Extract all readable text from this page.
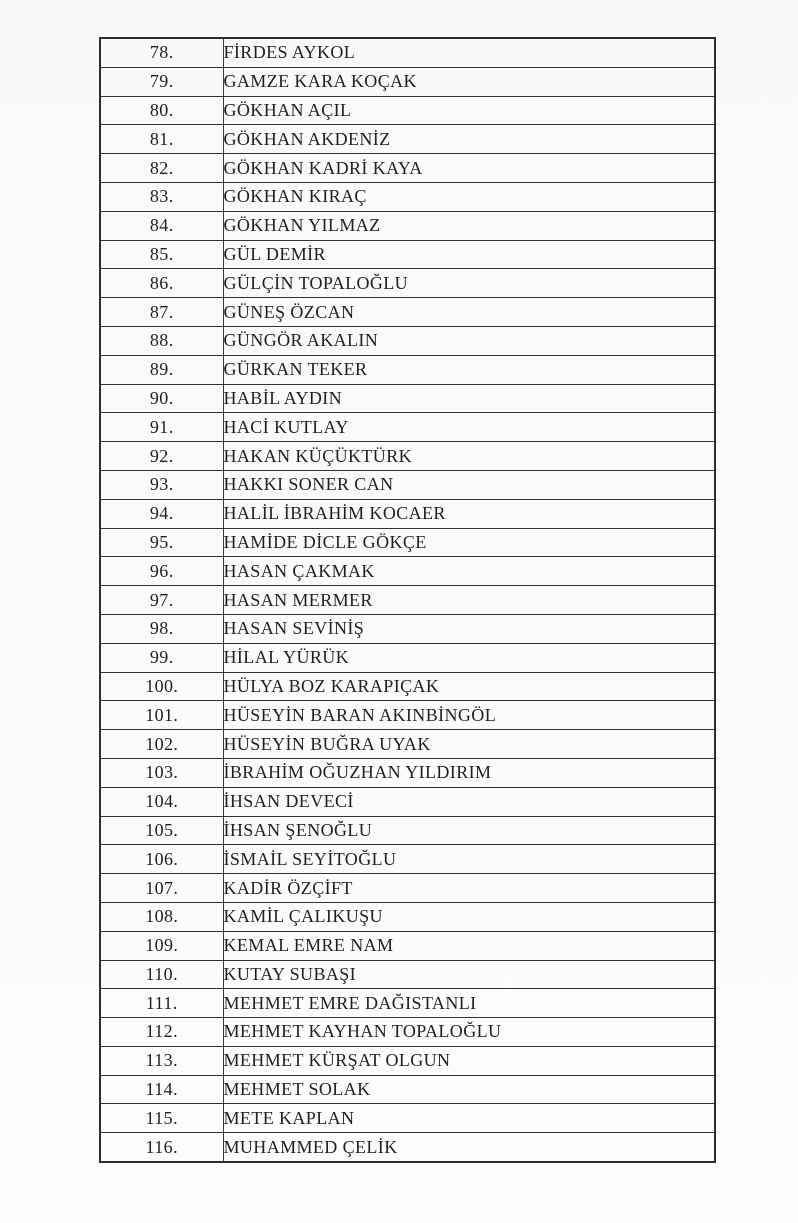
78.	FİRDES AYKOL
79.	GAMZE KARA KOÇAK
80.	GÖKHAN AÇIL
81.	GÖKHAN AKDENİZ
82.	GÖKHAN KADRİ KAYA
83.	GÖKHAN KIRAÇ
84.	GÖKHAN YILMAZ
85.	GÜL DEMİR
86.	GÜLÇİN TOPALOĞLU
87.	GÜNEŞ ÖZCAN
88.	GÜNGÖR AKALIN
89.	GÜRKAN TEKER
90.	HABİL AYDIN
91.	HACİ KUTLAY
92.	HAKAN KÜÇÜKTÜRK
93.	HAKKI SONER CAN
94.	HALİL İBRAHİM KOCAER
95.	HAMİDE DİCLE GÖKÇE
96.	HASAN ÇAKMAK
97.	HASAN MERMER
98.	HASAN SEVİNİŞ
99.	HİLAL YÜRÜK
100.	HÜLYA BOZ KARAPIÇAK
101.	HÜSEYİN BARAN AKINBİNGÖL
102.	HÜSEYİN BUĞRA UYAK
103.	İBRAHİM OĞUZHAN YILDIRIM
104.	İHSAN DEVECİ
105.	İHSAN ŞENOĞLU
106.	İSMAİL SEYİTOĞLU
107.	KADİR ÖZÇİFT
108.	KAMİL ÇALIKUŞU
109.	KEMAL EMRE NAM
110.	KUTAY SUBAŞI
111.	MEHMET EMRE DAĞISTANLI
112.	MEHMET KAYHAN TOPALOĞLU
113.	MEHMET KÜRŞAT OLGUN
114.	MEHMET SOLAK
115.	METE KAPLAN
116.	MUHAMMED ÇELİK
